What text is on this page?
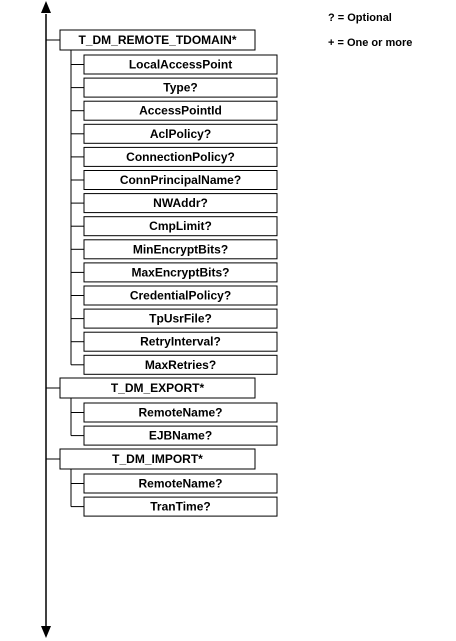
? = Optional
+ = One or more
T_DM_REMOTE_TDOMAIN*
LocalAccessPoint
Type?
AccessPointId
AclPolicy?
ConnectionPolicy?
ConnPrincipalName?
NWAddr?
CmpLimit?
MinEncryptBits?
MaxEncryptBits?
CredentialPolicy?
TpUsrFile?
RetryInterval?
MaxRetries?
T_DM_EXPORT*
RemoteName?
EJBName?
T_DM_IMPORT*
RemoteName?
TranTime?
